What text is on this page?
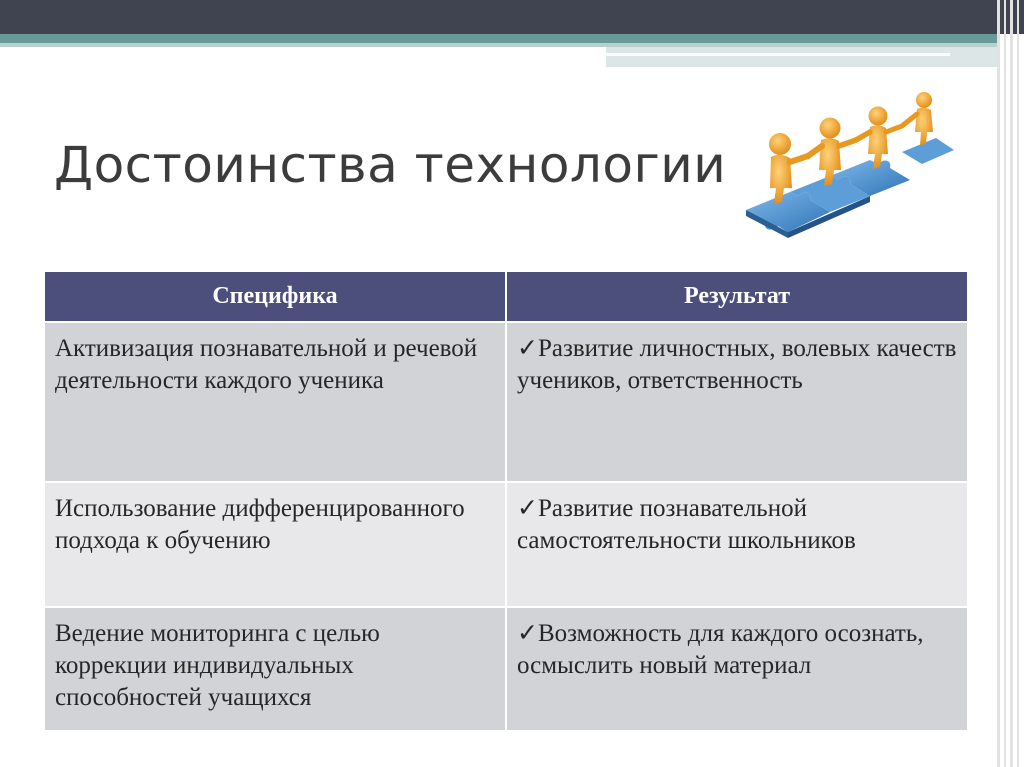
Достоинства технологии
Специфика	Результат
Активизация познавательной и речевой деятельности каждого ученика	✓Развитие личностных, волевых качеств учеников, ответственность
Использование дифференцированного подхода к обучению	✓Развитие познавательной самостоятельности школьников
Ведение мониторинга с целью коррекции индивидуальных способностей учащихся	✓Возможность для каждого осознать, осмыслить новый материал
